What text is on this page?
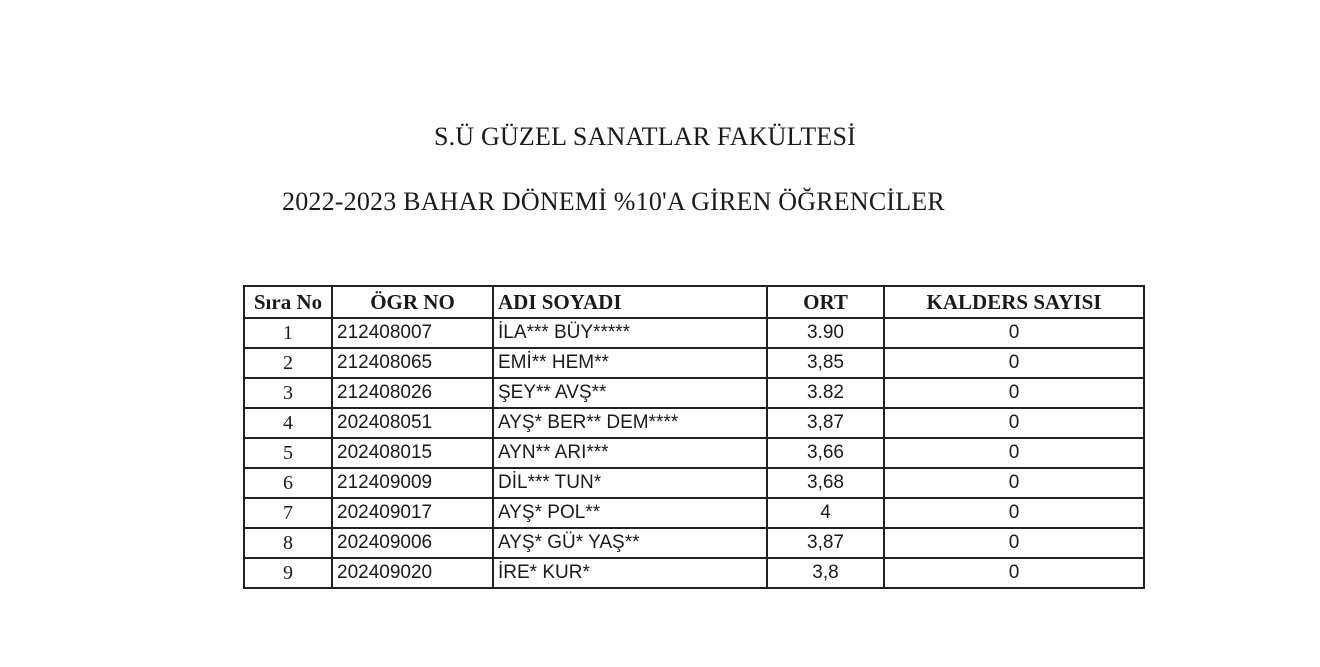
S.Ü GÜZEL SANATLAR FAKÜLTESİ
2022-2023 BAHAR DÖNEMİ %10'A GİREN ÖĞRENCİLER
Sıra No	ÖGR NO	ADI SOYADI	ORT	KALDERS SAYISI
1	212408007	İLA*** BÜY*****	3.90	0
2	212408065	EMİ** HEM**	3,85	0
3	212408026	ŞEY** AVŞ**	3.82	0
4	202408051	AYŞ* BER** DEM****	3,87	0
5	202408015	AYN** ARI***	3,66	0
6	212409009	DİL*** TUN*	3,68	0
7	202409017	AYŞ* POL**	4	0
8	202409006	AYŞ* GÜ* YAŞ**	3,87	0
9	202409020	İRE* KUR*	3,8	0
